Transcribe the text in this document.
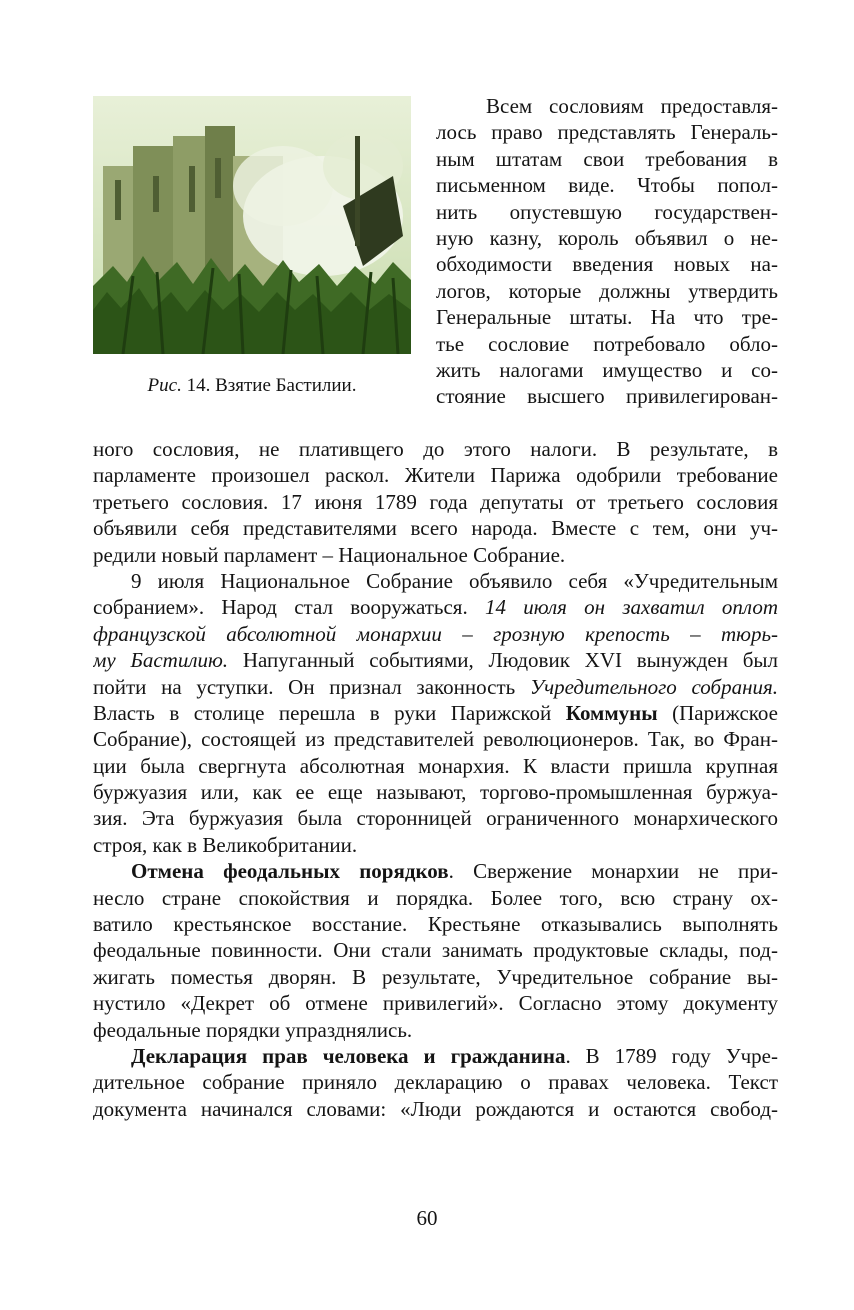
Рис. 14. Взятие Бастилии.
Всем сословиям предоставля-
лось право представлять Генераль-
ным штатам свои требования в
письменном виде. Чтобы попол-
нить опустевшую государствен-
ную казну, король объявил о не-
обходимости введения новых на-
логов, которые должны утвердить
Генеральные штаты. На что тре-
тье сословие потребовало обло-
жить налогами имущество и со-
стояние высшего привилегирован-
ного сословия, не плативщего до этого налоги. В результате, в
парламенте произошел раскол. Жители Парижа одобрили требование
третьего сословия. 17 июня 1789 года депутаты от третьего сословия
объявили себя представителями всего народа. Вместе с тем, они уч-
редили новый парламент – Национальное Собрание.
9 июля Национальное Собрание объявило себя «Учредительным
собранием». Народ стал вооружаться. 14 июля он захватил оплот
французской абсолютной монархии – грозную крепость – тюрь-
му Бастилию. Напуганный событиями, Людовик XVI вынужден был
пойти на уступки. Он признал законность Учредительного собрания.
Власть в столице перешла в руки Парижской Коммуны (Парижское
Собрание), состоящей из представителей революционеров. Так, во Фран-
ции была свергнута абсолютная монархия. К власти пришла крупная
буржуазия или, как ее еще называют, торгово-промышленная буржуа-
зия. Эта буржуазия была сторонницей ограниченного монархического
строя, как в Великобритании.
Отмена феодальных порядков. Свержение монархии не при-
несло стране спокойствия и порядка. Более того, всю страну ох-
ватило крестьянское восстание. Крестьяне отказывались выполнять
феодальные повинности. Они стали занимать продуктовые склады, под-
жигать поместья дворян. В результате, Учредительное собрание вы-
нустило «Декрет об отмене привилегий». Согласно этому документу
феодальные порядки упразднялись.
Декларация прав человека и гражданина. В 1789 году Учре-
дительное собрание приняло декларацию о правах человека. Текст
документа начинался словами: «Люди рождаются и остаются свобод-
60
